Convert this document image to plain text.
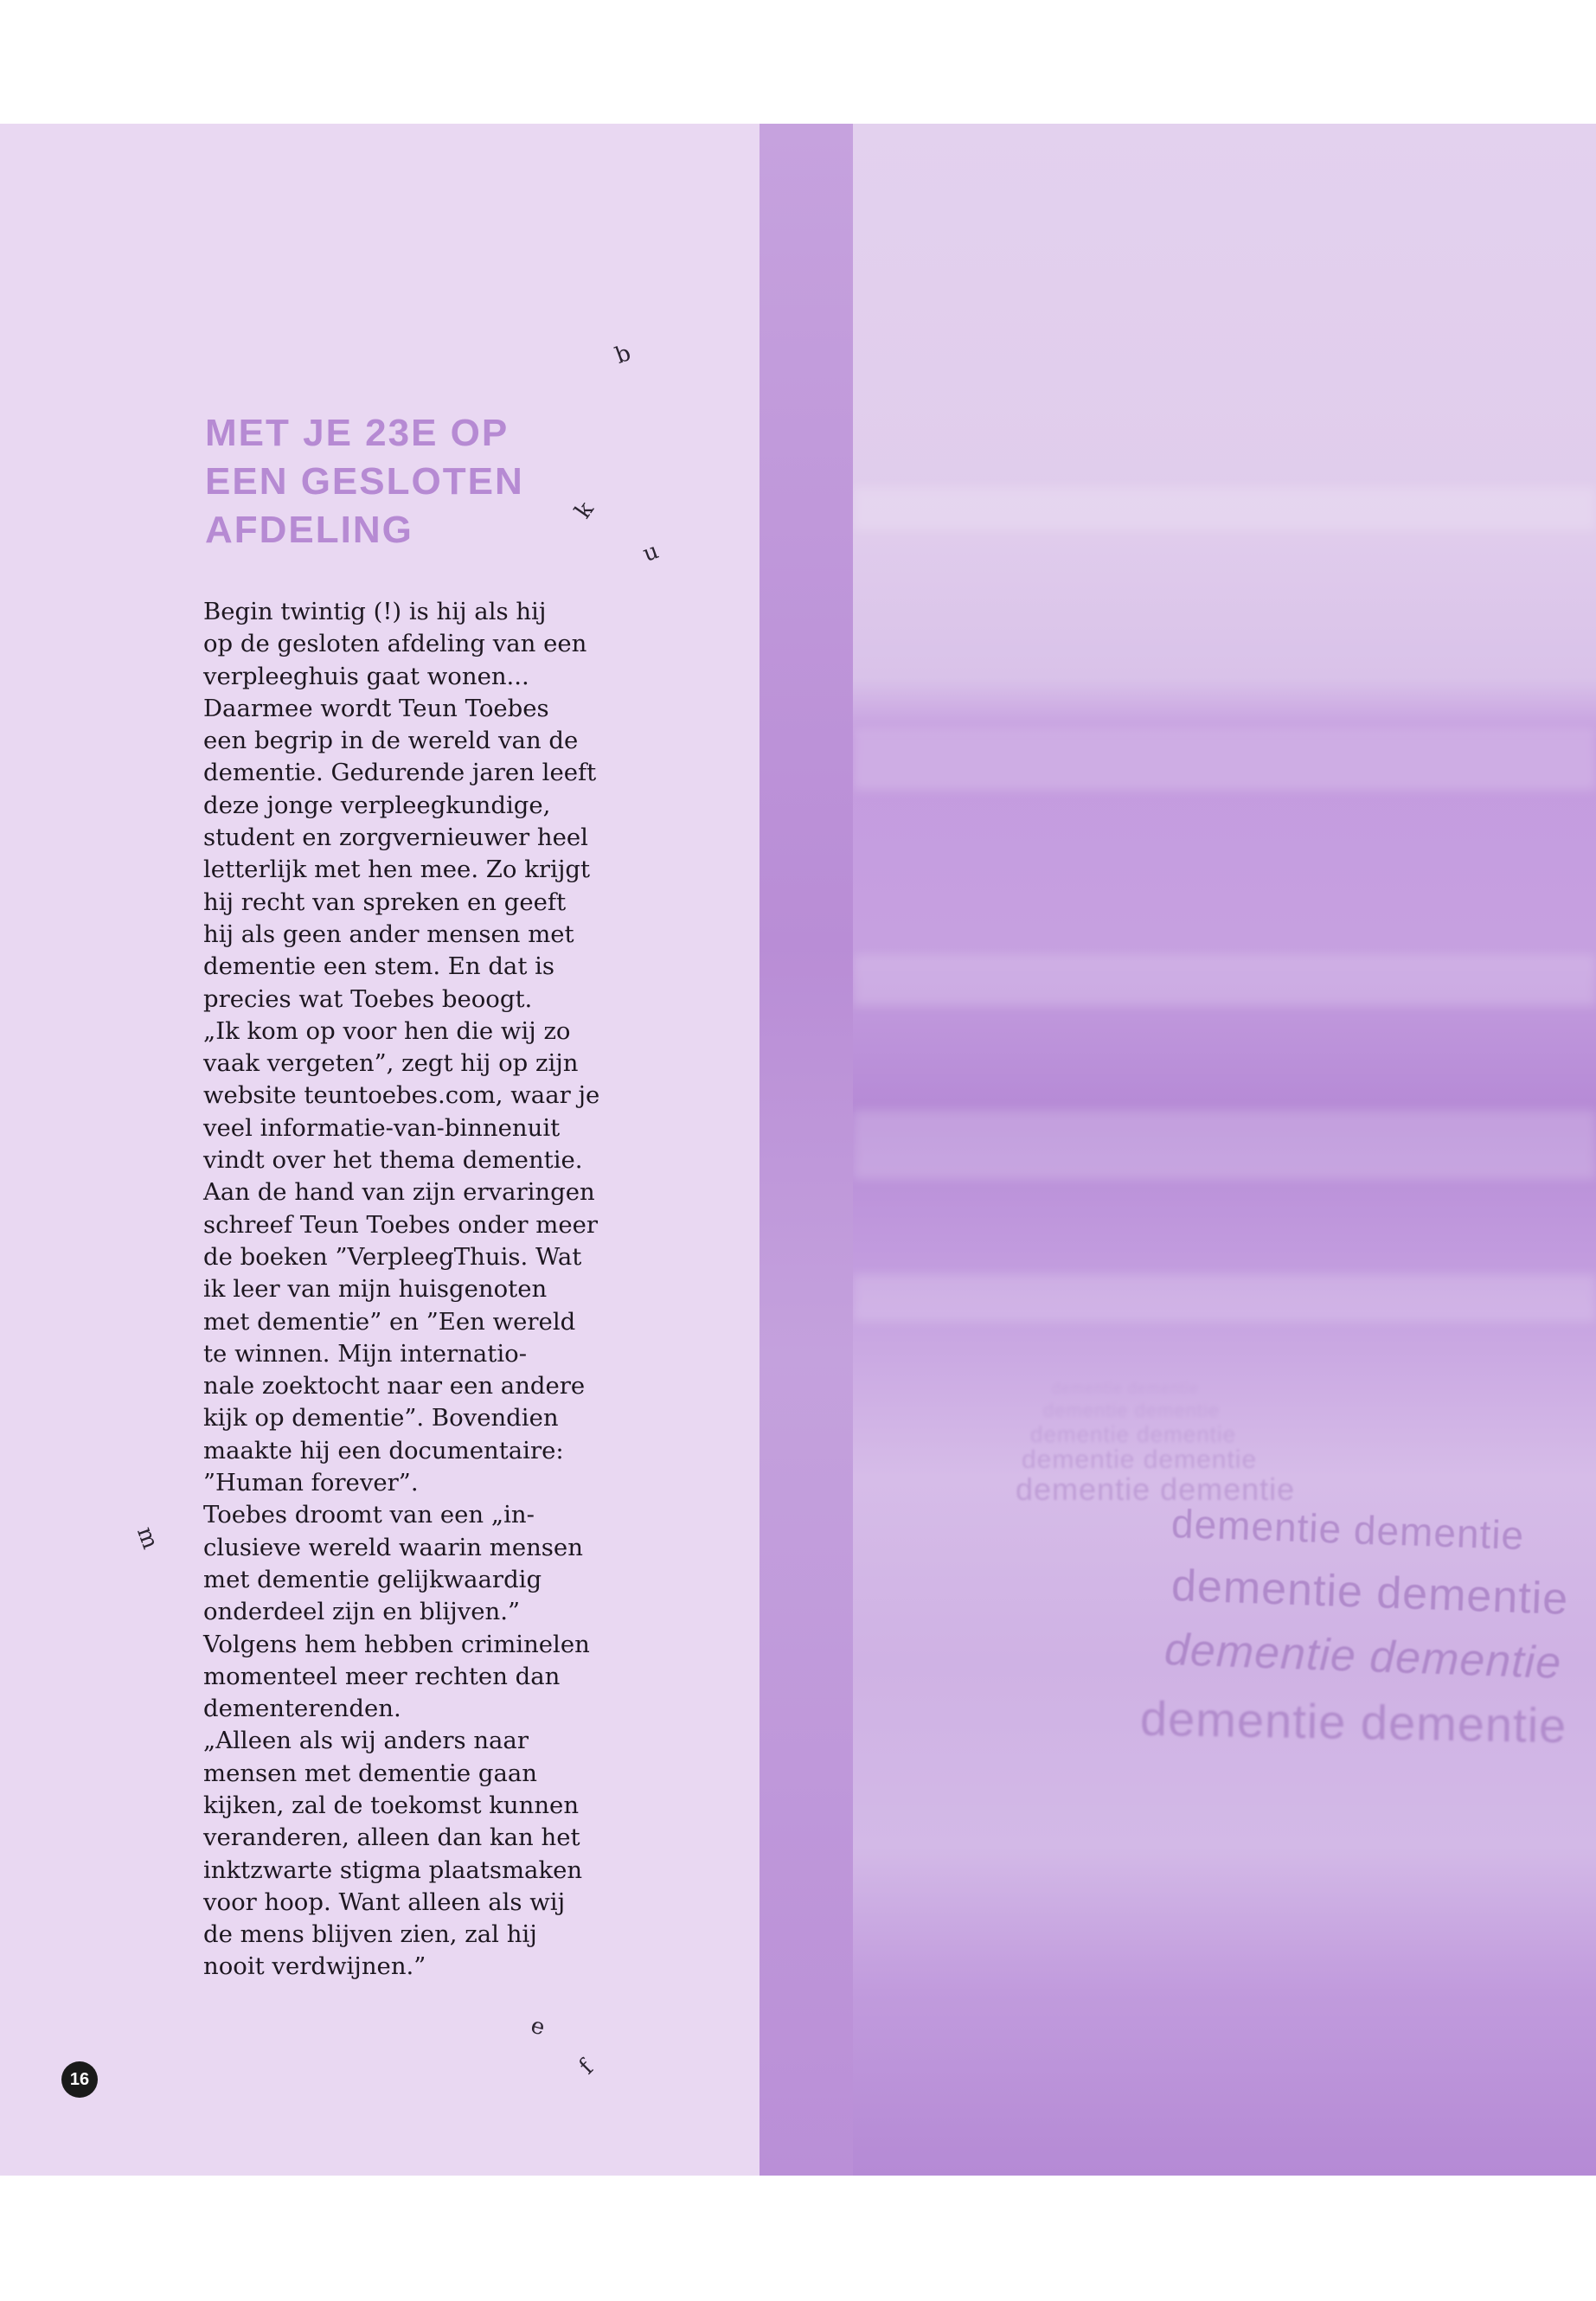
MET JE 23E OP
EEN GESLOTEN
AFDELING
Begin twintig (!) is hij als hij
op de gesloten afdeling van een
verpleeghuis gaat wonen...
Daarmee wordt Teun Toebes
een begrip in de wereld van de
dementie. Gedurende jaren leeft
deze jonge verpleegkundige,
student en zorgvernieuwer heel
letterlijk met hen mee. Zo krijgt
hij recht van spreken en geeft
hij als geen ander mensen met
dementie een stem. En dat is
precies wat Toebes beoogt.
„Ik kom op voor hen die wij zo
vaak vergeten”, zegt hij op zijn
website teuntoebes.com, waar je
veel informatie-van-binnenuit
vindt over het thema dementie.
Aan de hand van zijn ervaringen
schreef Teun Toebes onder meer
de boeken ”VerpleegThuis. Wat
ik leer van mijn huisgenoten
met dementie” en ”Een wereld
te winnen. Mijn internatio-
nale zoektocht naar een andere
kijk op dementie”. Bovendien
maakte hij een documentaire:
”Human forever”.
Toebes droomt van een „in-
clusieve wereld waarin mensen
met dementie gelijkwaardig
onderdeel zijn en blijven.”
Volgens hem hebben criminelen
momenteel meer rechten dan
dementerenden.
„Alleen als wij anders naar
mensen met dementie gaan
kijken, zal de toekomst kunnen
veranderen, alleen dan kan het
inktzwarte stigma plaatsmaken
voor hoop. Want alleen als wij
de mens blijven zien, zal hij
nooit verdwijnen.”
b
k
u
m
e
f
dementie dementie
dementie dementie
dementie dementie
dementie dementie
dementie dementie
dementie dementie
dementie dementie
dementie dementie
dementie dementie
16
